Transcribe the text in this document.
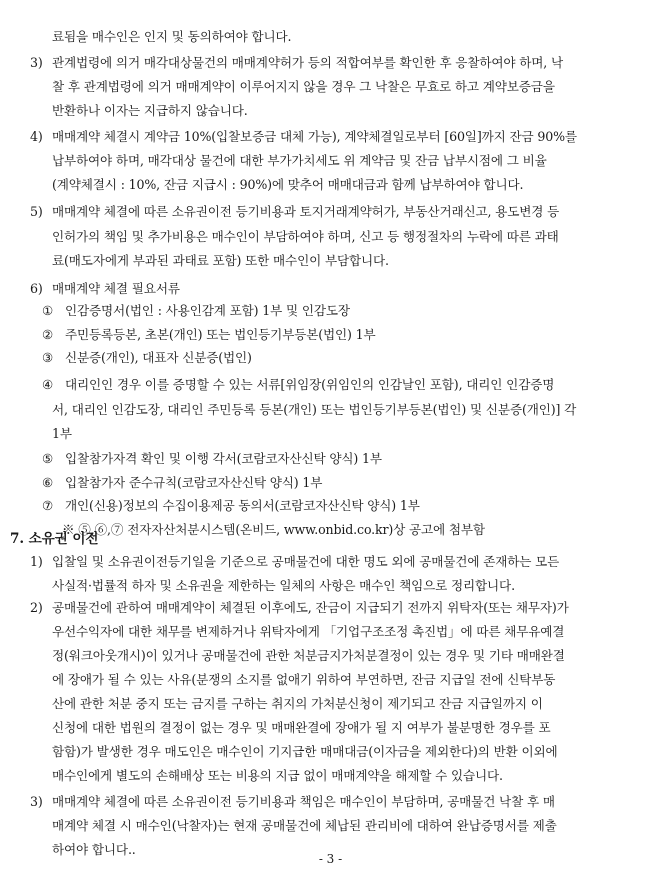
료됨을 매수인은 인지 및 동의하여야 합니다.
3) 관계법령에 의거 매각대상물건의 매매계약허가 등의 적합여부를 확인한 후 응찰하여야 하며, 낙
찰 후 관계법령에 의거 매매계약이 이루어지지 않을 경우 그 낙찰은 무효로 하고 계약보증금을
반환하나 이자는 지급하지 않습니다.
4) 매매계약 체결시 계약금 10%(입찰보증금 대체 가능), 계약체결일로부터 [60일]까지 잔금 90%를
납부하여야 하며, 매각대상 물건에 대한 부가가치세도 위 계약금 및 잔금 납부시점에 그 비율
(계약체결시 : 10%, 잔금 지급시 : 90%)에 맞추어 매매대금과 함께 납부하여야 합니다.
5) 매매계약 체결에 따른 소유권이전 등기비용과 토지거래계약허가, 부동산거래신고, 용도변경 등
인허가의 책임 및 추가비용은 매수인이 부담하여야 하며, 신고 등 행정절차의 누락에 따른 과태
료(매도자에게 부과된 과태료 포함) 또한 매수인이 부담합니다.
6) 매매계약 체결 필요서류
① 인감증명서(법인 : 사용인감계 포함) 1부 및 인감도장
② 주민등록등본, 초본(개인) 또는 법인등기부등본(법인) 1부
③ 신분증(개인), 대표자 신분증(법인)
④ 대리인인 경우 이를 증명할 수 있는 서류[위임장(위임인의 인감날인 포함), 대리인 인감증명
서, 대리인 인감도장, 대리인 주민등록 등본(개인) 또는 법인등기부등본(법인) 및 신분증(개인)] 각
1부
⑤ 입찰참가자격 확인 및 이행 각서(코람코자산신탁 양식) 1부
⑥ 입찰참가자 준수규칙(코람코자산신탁 양식) 1부
⑦ 개인(신용)정보의 수집이용제공 동의서(코람코자산신탁 양식) 1부
※ ⑤,⑥,⑦ 전자자산처분시스템(온비드, www.onbid.co.kr)상 공고에 첨부함
7. 소유권 이전
1) 입찰일 및 소유권이전등기일을 기준으로 공매물건에 대한 명도 외에 공매물건에 존재하는 모든
사실적·법률적 하자 및 소유권을 제한하는 일체의 사항은 매수인 책임으로 정리합니다.
2) 공매물건에 관하여 매매계약이 체결된 이후에도, 잔금이 지급되기 전까지 위탁자(또는 채무자)가
우선수익자에 대한 채무를 변제하거나 위탁자에게 「기업구조조정 촉진법」에 따른 채무유예결
정(워크아웃개시)이 있거나 공매물건에 관한 처분금지가처분결정이 있는 경우 및 기타 매매완결
에 장애가 될 수 있는 사유(분쟁의 소지를 없애기 위하여 부연하면, 잔금 지급일 전에 신탁부동
산에 관한 처분 중지 또는 금지를 구하는 취지의 가처분신청이 제기되고 잔금 지급일까지 이
신청에 대한 법원의 결정이 없는 경우 및 매매완결에 장애가 될 지 여부가 불분명한 경우를 포
함함)가 발생한 경우 매도인은 매수인이 기지급한 매매대금(이자금을 제외한다)의 반환 이외에
매수인에게 별도의 손해배상 또는 비용의 지급 없이 매매계약을 해제할 수 있습니다.
3) 매매계약 체결에 따른 소유권이전 등기비용과 책임은 매수인이 부담하며, 공매물건 낙찰 후 매
매계약 체결 시 매수인(낙찰자)는 현재 공매물건에 체납된 관리비에 대하여 완납증명서를 제출
하여야 합니다..
- 3 -
